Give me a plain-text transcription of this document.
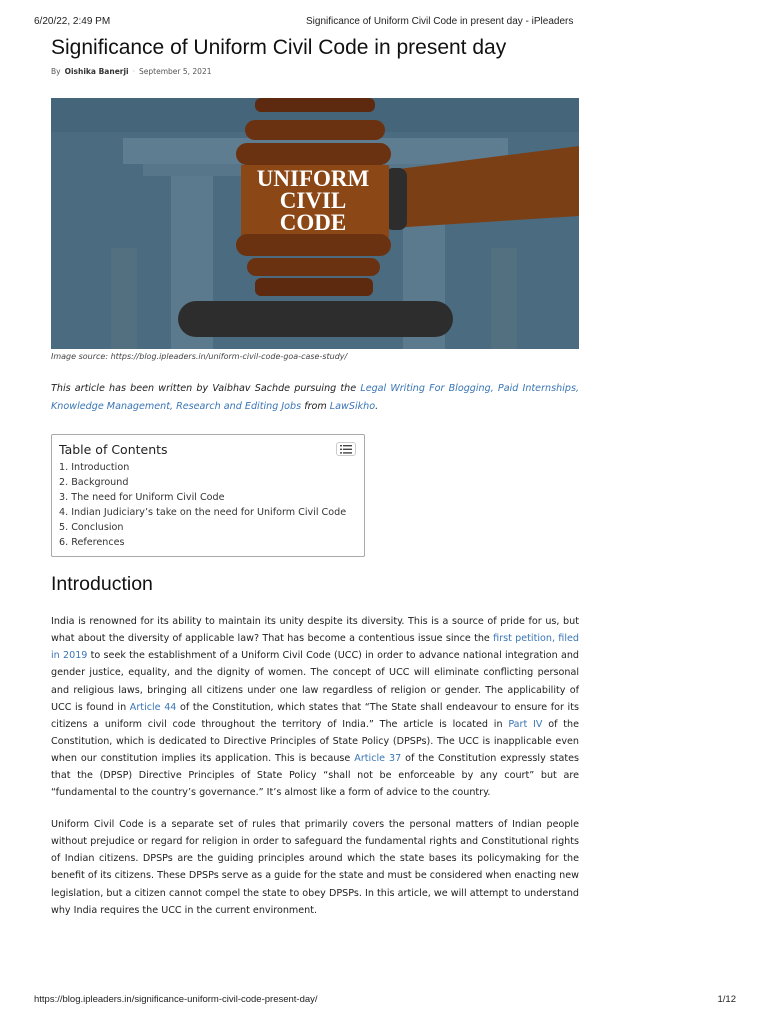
6/20/22, 2:49 PM	Significance of Uniform Civil Code in present day - iPleaders
Significance of Uniform Civil Code in present day
By Oishika Banerji · September 5, 2021
UNIFORM
CIVIL
CODE
Image source: https://blog.ipleaders.in/uniform-civil-code-goa-case-study/

This article has been written by Vaibhav Sachde pursuing the Legal Writing For Blogging, Paid Internships, Knowledge Management, Research and Editing Jobs from LawSikho.

Table of Contents
1. Introduction
2. Background
3. The need for Uniform Civil Code
4. Indian Judiciary’s take on the need for Uniform Civil Code
5. Conclusion
6. References
Introduction

India is renowned for its ability to maintain its unity despite its diversity. This is a source of pride for us, but what about the diversity of applicable law? That has become a contentious issue since the first petition, filed in 2019 to seek the establishment of a Uniform Civil Code (UCC) in order to advance national integration and gender justice, equality, and the dignity of women. The concept of UCC will eliminate conflicting personal and religious laws, bringing all citizens under one law regardless of religion or gender. The applicability of UCC is found in Article 44 of the Constitution, which states that “The State shall endeavour to ensure for its citizens a uniform civil code throughout the territory of India.” The article is located in Part IV of the Constitution, which is dedicated to Directive Principles of State Policy (DPSPs). The UCC is inapplicable even when our constitution implies its application. This is because Article 37 of the Constitution expressly states that the (DPSP) Directive Principles of State Policy “shall not be enforceable by any court” but are “fundamental to the country’s governance.” It’s almost like a form of advice to the country.

Uniform Civil Code is a separate set of rules that primarily covers the personal matters of Indian people without prejudice or regard for religion in order to safeguard the fundamental rights and Constitutional rights of Indian citizens. DPSPs are the guiding principles around which the state bases its policymaking for the benefit of its citizens. These DPSPs serve as a guide for the state and must be considered when enacting new legislation, but a citizen cannot compel the state to obey DPSPs. In this article, we will attempt to understand why India requires the UCC in the current environment.

https://blog.ipleaders.in/significance-uniform-civil-code-present-day/	1/12
